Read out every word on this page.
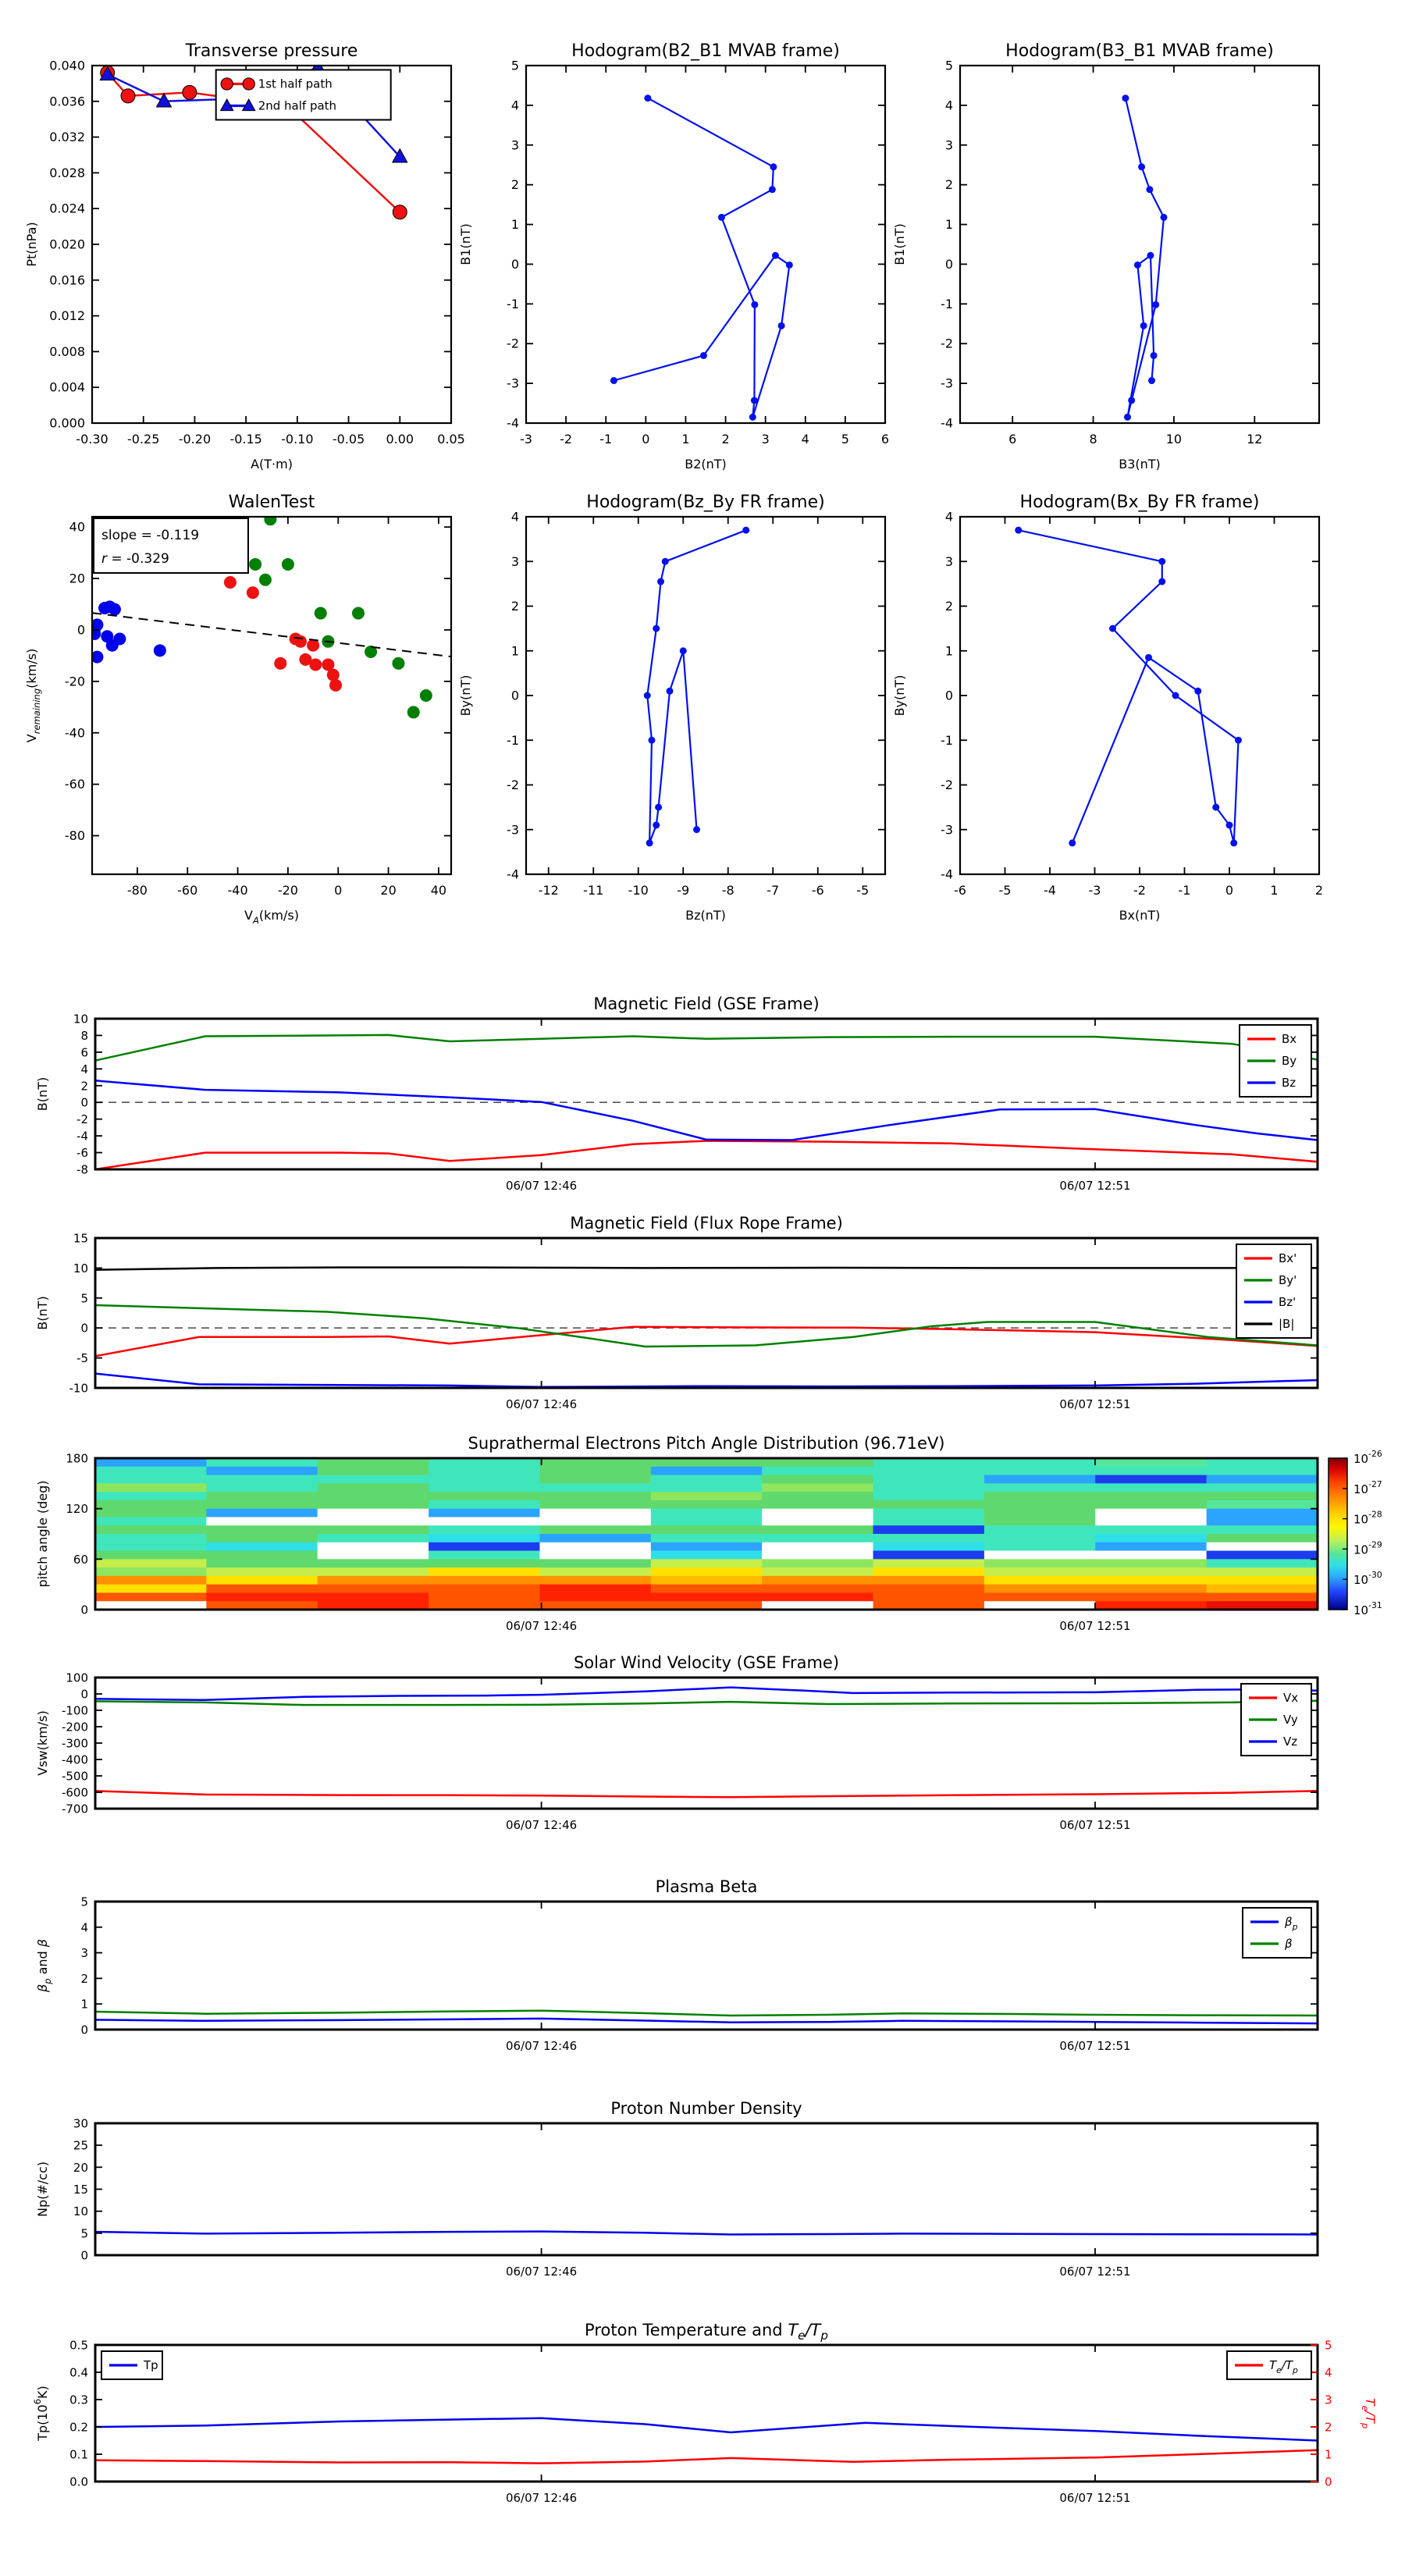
0.000
0.004
0.008
0.012
0.016
0.020
0.024
0.028
0.032
0.036
0.040
-0.30 -0.25 -0.20 -0.15 -0.10 -0.05 0.00 0.05
Transverse pressure
A(T·m)
Pt(nPa)
1st half path
2nd half path
-4
-3
-2
-1
0
1
2
3
4
5
-3 -2 -1 0	1	2	3	4	5	6
Hodogram(B2_B1 MVAB frame)
B2(nT)
B1(nT)
-4
-3
-2
-1
0
1
2
3
4
5
6	8	10	12
Hodogram(B3_B1 MVAB frame)
B3(nT)
B1(nT)
-80
-60
-40
-20
0
20
40
-80 -60 -40 -20	0	20	40
WalenTest
$V_A(km/s)$
$V_{remaining}(km/s)$
slope = -0.119
r = -0.329
-4
-3
-2
-1
0
1
2
3
4
-12 -11 -10 -9	-8	-7	-6	-5
Hodogram(Bz_By FR frame)
Bz(nT)
By(nT)
-4
-3
-2
-1
0
1
2
3
4
-6	-5	-4	-3	-2	-1	0	1	2
Hodogram(Bx_By FR frame)
Bx(nT)
By(nT)
-8
-6
-4
-2
0
2
4
6
8
10
06/07 12:46	06/07 12:51
Magnetic Field (GSE Frame)
B(nT)
Bx
By
Bz
-10
-5
0
5
10
15
06/07 12:46	06/07 12:51
Magnetic Field (Flux Rope Frame)
B(nT)
Bx'
By'
Bz'
|B|
0
60
120
180
06/07 12:46	06/07 12:51
Suprathermal Electrons Pitch Angle Distribution (96.71eV)
pitch angle (deg)
$10^{-26}$
$10^{-27}$
$10^{-28}$
$10^{-29}$
$10^{-30}$
$10^{-31}$
-700
-600
-500
-400
-300
-200
-100
0
100
06/07 12:46	06/07 12:51
Solar Wind Velocity (GSE Frame)
Vsw(km/s)
Vx
Vy
Vz
0
1
2
3
4
5
06/07 12:46	06/07 12:51
Plasma Beta
$\beta_p$ and β
$\beta_p$
β
0
5
10
15
20
25
30
06/07 12:46	06/07 12:51
Proton Number Density
Np(#/cc)
0.0
0.1
0.2
0.3
0.4
0.5
0
1
2
3
4
5
$T_e/T_p$
06/07 12:46	06/07 12:51
Proton Temperature and $T_e/T_p$
$Tp(10^6K)$
Tp	$T_e/T_p$
